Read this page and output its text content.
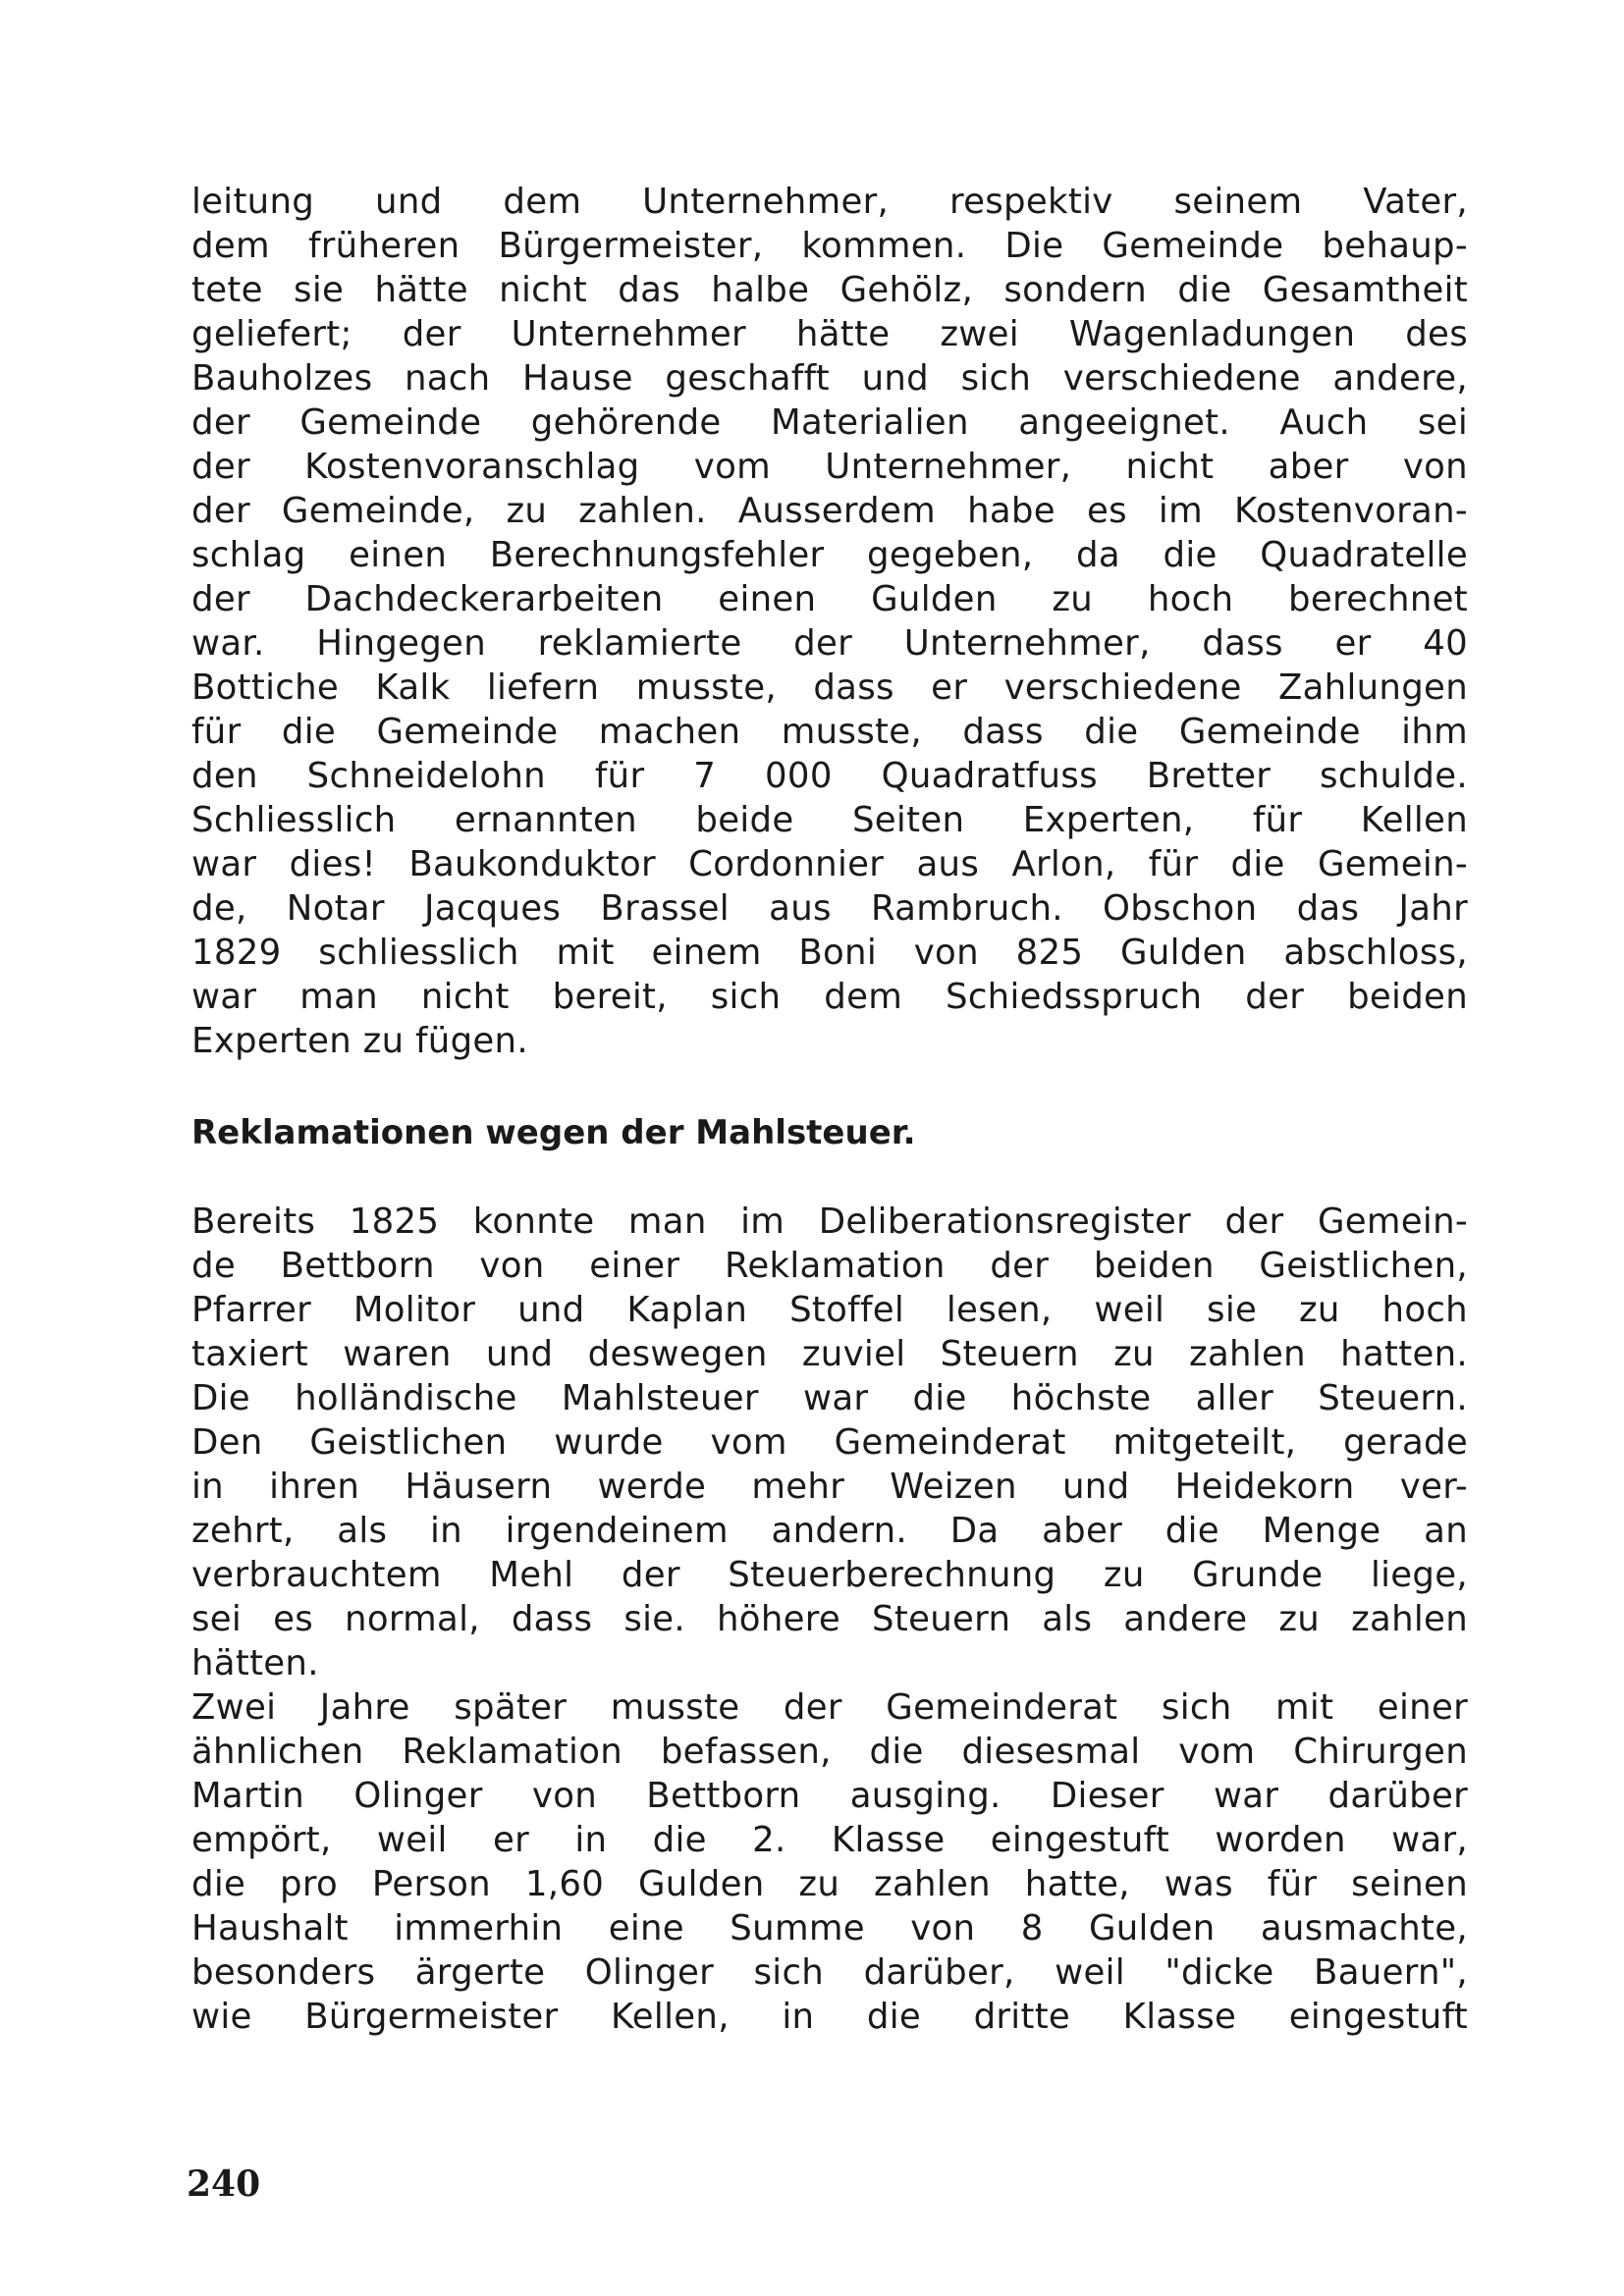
leitung und dem Unternehmer, respektiv seinem Vater,
dem früheren Bürgermeister, kommen. Die Gemeinde behaup-
tete sie hätte nicht das halbe Gehölz, sondern die Gesamtheit
geliefert; der Unternehmer hätte zwei Wagenladungen des
Bauholzes nach Hause geschafft und sich verschiedene andere,
der Gemeinde gehörende Materialien angeeignet. Auch sei
der Kostenvoranschlag vom Unternehmer, nicht aber von
der Gemeinde, zu zahlen. Ausserdem habe es im Kostenvoran-
schlag einen Berechnungsfehler gegeben, da die Quadratelle
der Dachdeckerarbeiten einen Gulden zu hoch berechnet
war. Hingegen reklamierte der Unternehmer, dass er 40
Bottiche Kalk liefern musste, dass er verschiedene Zahlungen
für die Gemeinde machen musste, dass die Gemeinde ihm
den Schneidelohn für 7 000 Quadratfuss Bretter schulde.
Schliesslich ernannten beide Seiten Experten, für Kellen
war dies! Baukonduktor Cordonnier aus Arlon, für die Gemein-
de, Notar Jacques Brassel aus Rambruch. Obschon das Jahr
1829 schliesslich mit einem Boni von 825 Gulden abschloss,
war man nicht bereit, sich dem Schiedsspruch der beiden
Experten zu fügen.
Reklamationen wegen der Mahlsteuer.
Bereits 1825 konnte man im Deliberationsregister der Gemein-
de Bettborn von einer Reklamation der beiden Geistlichen,
Pfarrer Molitor und Kaplan Stoffel lesen, weil sie zu hoch
taxiert waren und deswegen zuviel Steuern zu zahlen hatten.
Die holländische Mahlsteuer war die höchste aller Steuern.
Den Geistlichen wurde vom Gemeinderat mitgeteilt, gerade
in ihren Häusern werde mehr Weizen und Heidekorn ver-
zehrt, als in irgendeinem andern. Da aber die Menge an
verbrauchtem Mehl der Steuerberechnung zu Grunde liege,
sei es normal, dass sie. höhere Steuern als andere zu zahlen
hätten.
Zwei Jahre später musste der Gemeinderat sich mit einer
ähnlichen Reklamation befassen, die diesesmal vom Chirurgen
Martin Olinger von Bettborn ausging. Dieser war darüber
empört, weil er in die 2. Klasse eingestuft worden war,
die pro Person 1,60 Gulden zu zahlen hatte, was für seinen
Haushalt immerhin eine Summe von 8 Gulden ausmachte,
besonders ärgerte Olinger sich darüber, weil "dicke Bauern",
wie Bürgermeister Kellen, in die dritte Klasse eingestuft
240
